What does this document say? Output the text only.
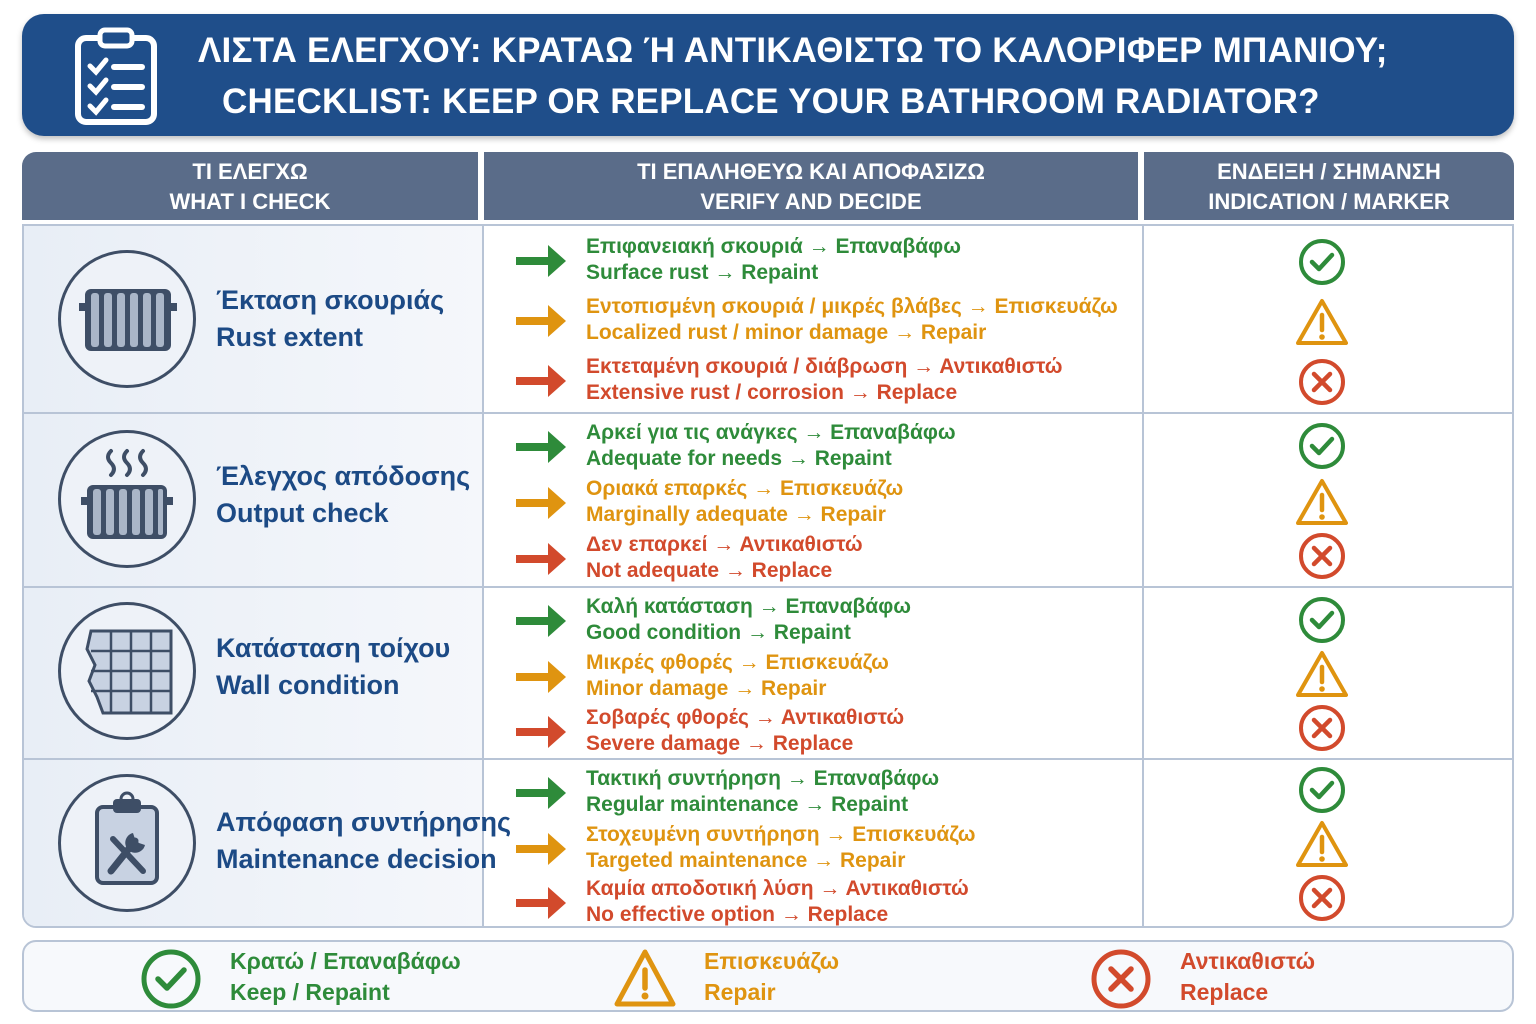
ΛΙΣΤΑ ΕΛΕΓΧΟΥ: ΚΡΑΤΑΩ Ή ΑΝΤΙΚΑΘΙΣΤΩ ΤΟ ΚΑΛΟΡΙΦΕΡ ΜΠΑΝΙΟΥ;
CHECKLIST: KEEP OR REPLACE YOUR BATHROOM RADIATOR?
ΤΙ ΕΛΕΓΧΩ
WHAT I CHECK
ΤΙ ΕΠΑΛΗΘΕΥΩ ΚΑΙ ΑΠΟΦΑΣΙΖΩ
VERIFY AND DECIDE
ΕΝΔΕΙΞΗ / ΣΗΜΑΝΣΗ
INDICATION / MARKER
Έκταση σκουριάς
Rust extent
Επιφανειακή σκουριά → Επαναβάφω
Surface rust → Repaint
Εντοπισμένη σκουριά / μικρές βλάβες → Επισκευάζω
Localized rust / minor damage → Repair
Εκτεταμένη σκουριά / διάβρωση → Αντικαθιστώ
Extensive rust / corrosion → Replace
Έλεγχος απόδοσης
Output check
Αρκεί για τις ανάγκες → Επαναβάφω
Adequate for needs → Repaint
Οριακά επαρκές → Επισκευάζω
Marginally adequate → Repair
Δεν επαρκεί → Αντικαθιστώ
Not adequate → Replace
Κατάσταση τοίχου
Wall condition
Καλή κατάσταση → Επαναβάφω
Good condition → Repaint
Μικρές φθορές → Επισκευάζω
Minor damage → Repair
Σοβαρές φθορές → Αντικαθιστώ
Severe damage → Replace
Απόφαση συντήρησης
Maintenance decision
Τακτική συντήρηση → Επαναβάφω
Regular maintenance → Repaint
Στοχευμένη συντήρηση → Επισκευάζω
Targeted maintenance → Repair
Καμία αποδοτική λύση → Αντικαθιστώ
No effective option → Replace
Κρατώ / Επαναβάφω
Keep / Repaint
Επισκευάζω
Repair
Αντικαθιστώ
Replace
